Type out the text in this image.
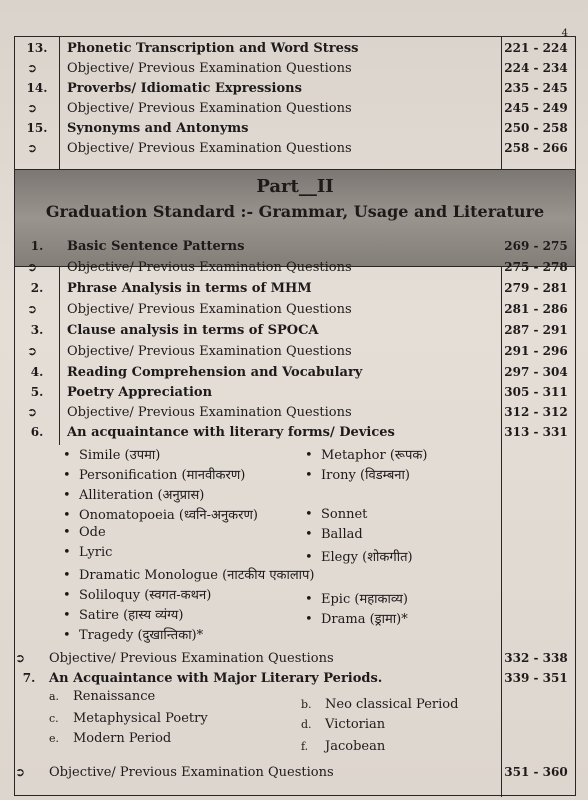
4
13.	Phonetic Transcription and Word Stress	221 - 224
➲ Objective/ Previous Examination Questions	224 - 234
14.	Proverbs/ Idiomatic Expressions	235 - 245
➲ Objective/ Previous Examination Questions	245 - 249
15.	Synonyms and Antonyms	250 - 258
➲ Objective/ Previous Examination Questions	258 - 266
Part__II
Graduation Standard :- Grammar, Usage and Literature
1.	Basic Sentence Patterns	269 - 275
➲ Objective/ Previous Examination Questions	275 - 278
2.	Phrase Analysis in terms of MHM	279 - 281
➲ Objective/ Previous Examination Questions	281 - 286
3.	Clause analysis in terms of SPOCA	287 - 291
➲ Objective/ Previous Examination Questions	291 - 296
4.	Reading Comprehension and Vocabulary	297 - 304
5.	Poetry Appreciation	305 - 311
➲ Objective/ Previous Examination Questions	312 - 312
6.	An acquaintance with literary forms/ Devices	313 - 331
• Simile (उपमा)
• Personification (मानवीकरण)
• Alliteration (अनुप्रास)
• Onomatopoeia (ध्वनि-अनुकरण)
• Ode
• Lyric
• Dramatic Monologue (नाटकीय एकालाप)
• Soliloquy (स्वगत-कथन)
• Satire (हास्य व्यंग्य)
• Tragedy (दुखान्तिका)*
• Metaphor (रूपक)
• Irony (विडम्बना)
• Sonnet
• Ballad
• Elegy (शोकगीत)
• Epic (महाकाव्य)
• Drama (ड्रामा)*
➲ Objective/ Previous Examination Questions	332 - 338
7.	An Acquaintance with Major Literary Periods.	339 - 351
a. Renaissance
b. Neo classical Period
c. Metaphysical Poetry	d. Victorian
e. Modern Period
f. Jacobean
➲ Objective/ Previous Examination Questions	351 - 360
